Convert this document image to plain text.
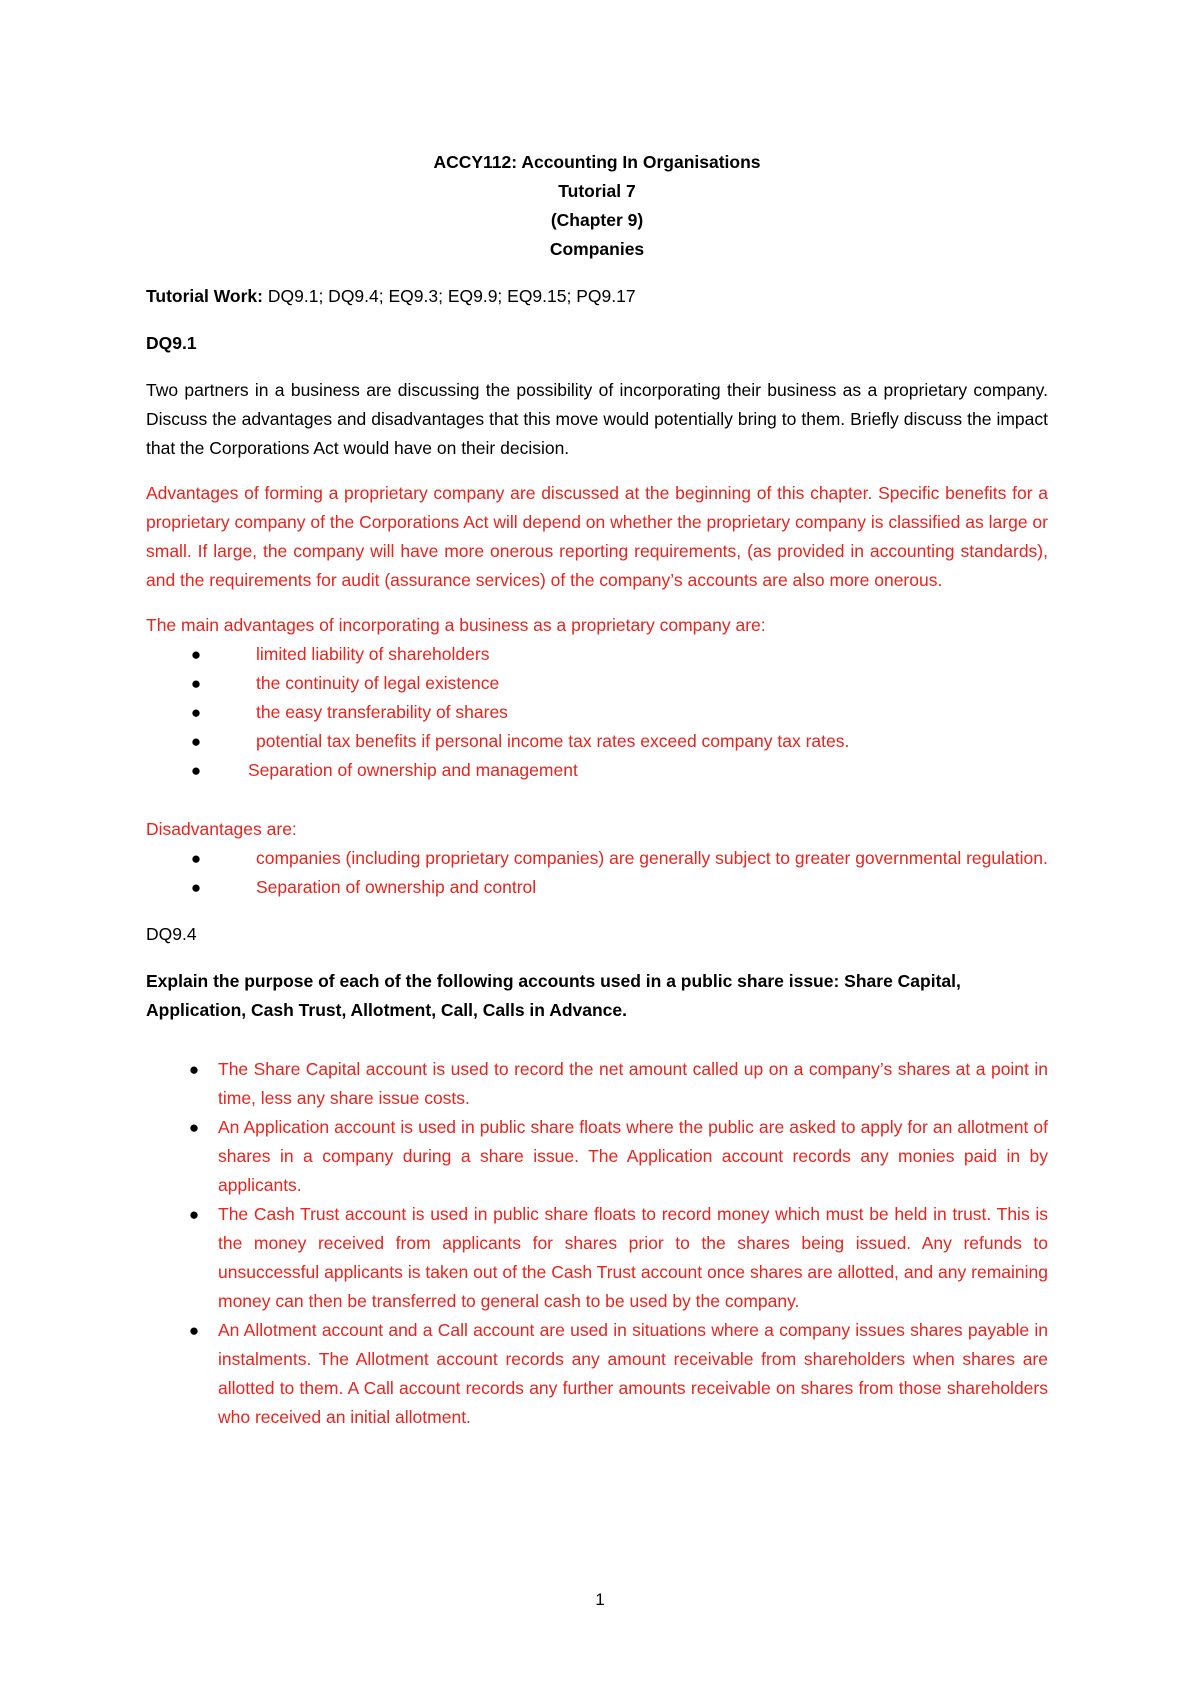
ACCY112: Accounting In Organisations

Tutorial 7

(Chapter 9)

Companies

Tutorial Work: DQ9.1; DQ9.4; EQ9.3; EQ9.9; EQ9.15; PQ9.17

DQ9.1

Two partners in a business are discussing the possibility of incorporating their business as a proprietary company. Discuss the advantages and disadvantages that this move would potentially bring to them. Briefly discuss the impact that the Corporations Act would have on their decision.

Advantages of forming a proprietary company are discussed at the beginning of this chapter. Specific benefits for a proprietary company of the Corporations Act will depend on whether the proprietary company is classified as large or small. If large, the company will have more onerous reporting requirements, (as provided in accounting standards), and the requirements for audit (assurance services) of the company’s accounts are also more onerous.

The main advantages of incorporating a business as a proprietary company are:

●	limited liability of shareholders
●	the continuity of legal existence
●	the easy transferability of shares
●	potential tax benefits if personal income tax rates exceed company tax rates.
●	Separation of ownership and management

Disadvantages are:

●	companies (including proprietary companies) are generally subject to greater governmental regulation.
●	Separation of ownership and control

DQ9.4

Explain the purpose of each of the following accounts used in a public share issue: Share Capital, Application, Cash Trust, Allotment, Call, Calls in Advance.

● The Share Capital account is used to record the net amount called up on a company’s shares at a point in time, less any share issue costs.
● An Application account is used in public share floats where the public are asked to apply for an allotment of shares in a company during a share issue. The Application account records any monies paid in by applicants.
● The Cash Trust account is used in public share floats to record money which must be held in trust. This is the money received from applicants for shares prior to the shares being issued. Any refunds to unsuccessful applicants is taken out of the Cash Trust account once shares are allotted, and any remaining money can then be transferred to general cash to be used by the company.
● An Allotment account and a Call account are used in situations where a company issues shares payable in instalments. The Allotment account records any amount receivable from shareholders when shares are allotted to them. A Call account records any further amounts receivable on shares from those shareholders who received an initial allotment.
1
